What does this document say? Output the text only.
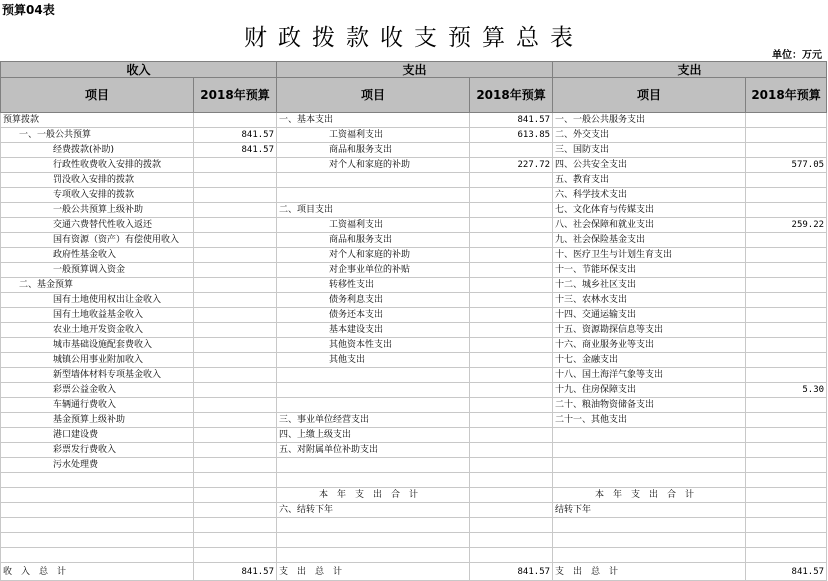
预算04表
财政拨款收支预算总表
单位：万元
收入		支出		支出	
项目	2018年预算	项目	2018年预算	项目	2018年预算
预算拨款		一、基本支出	841.57	一、一般公共服务支出	
一、一般公共预算	841.57	工资福利支出	613.85	二、外交支出	
经费拨款(补助)	841.57	商品和服务支出		三、国防支出	
行政性收费收入安排的拨款		对个人和家庭的补助	227.72	四、公共安全支出	577.05
罚没收入安排的拨款				五、教育支出	
专项收入安排的拨款				六、科学技术支出	
一般公共预算上级补助		二、项目支出		七、文化体育与传媒支出	
交通六费替代性收入返还		工资福利支出		八、社会保障和就业支出	259.22
国有资源（资产）有偿使用收入		商品和服务支出		九、社会保险基金支出	
政府性基金收入		对个人和家庭的补助		十、医疗卫生与计划生育支出	
一般预算调入资金		对企事业单位的补贴		十一、节能环保支出	
二、基金预算		转移性支出		十二、城乡社区支出	
国有土地使用权出让金收入		债务利息支出		十三、农林水支出	
国有土地收益基金收入		债务还本支出		十四、交通运输支出	
农业土地开发资金收入		基本建设支出		十五、资源勘探信息等支出	
城市基础设施配套费收入		其他资本性支出		十六、商业服务业等支出	
城镇公用事业附加收入		其他支出		十七、金融支出	
新型墙体材料专项基金收入				十八、国土海洋气象等支出	
彩票公益金收入				十九、住房保障支出	5.30
车辆通行费收入				二十、粮油物资储备支出	
基金预算上级补助		三、事业单位经营支出		二十一、其他支出	
港口建设费		四、上缴上级支出			
彩票发行费收入		五、对附属单位补助支出			
污水处理费					

		本年支出合计		本年支出合计	
		六、结转下年		结转下年	

收入总计	841.57	支出总计	841.57	支出总计	841.57
